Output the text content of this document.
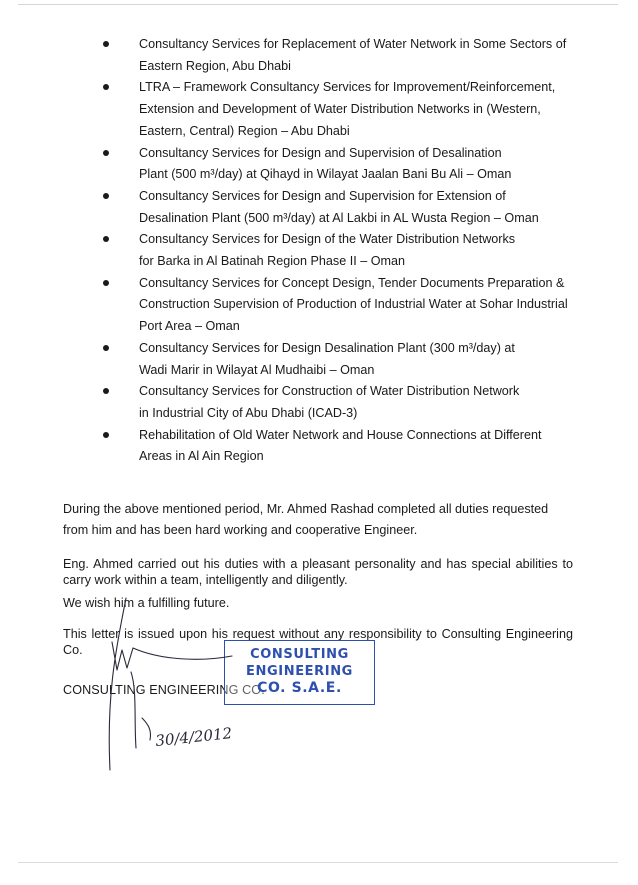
Consultancy Services for Replacement of Water Network in Some Sectors of
Eastern Region, Abu Dhabi
LTRA – Framework Consultancy Services for Improvement/Reinforcement,
Extension and Development of Water Distribution Networks in (Western,
Eastern, Central) Region – Abu Dhabi
Consultancy Services for Design and Supervision of Desalination
Plant (500 m³/day) at Qihayd in Wilayat Jaalan Bani Bu Ali – Oman
Consultancy Services for Design and Supervision for Extension of
Desalination Plant (500 m³/day) at Al Lakbi in AL Wusta Region – Oman
Consultancy Services for Design of the Water Distribution Networks
for Barka in Al Batinah Region Phase II – Oman
Consultancy Services for Concept Design, Tender Documents Preparation &
Construction Supervision of Production of Industrial Water at Sohar Industrial
Port Area – Oman
Consultancy Services for Design Desalination Plant (300 m³/day) at
Wadi Marir in Wilayat Al Mudhaibi – Oman
Consultancy Services for Construction of Water Distribution Network
in Industrial City of Abu Dhabi (ICAD-3)
Rehabilitation of Old Water Network and House Connections at Different
Areas in Al Ain Region

During the above mentioned period, Mr. Ahmed Rashad completed all duties requested from him and has been hard working and cooperative Engineer.

Eng. Ahmed carried out his duties with a pleasant personality and has special abilities to carry work within a team, intelligently and diligently.

We wish him a fulfilling future.

This letter is issued upon his request without any responsibility to Consulting Engineering Co.

CONSULTING ENGINEERING CO.
CONSULTING
ENGINEERING
CO. S.A.E.
30/4/2012
